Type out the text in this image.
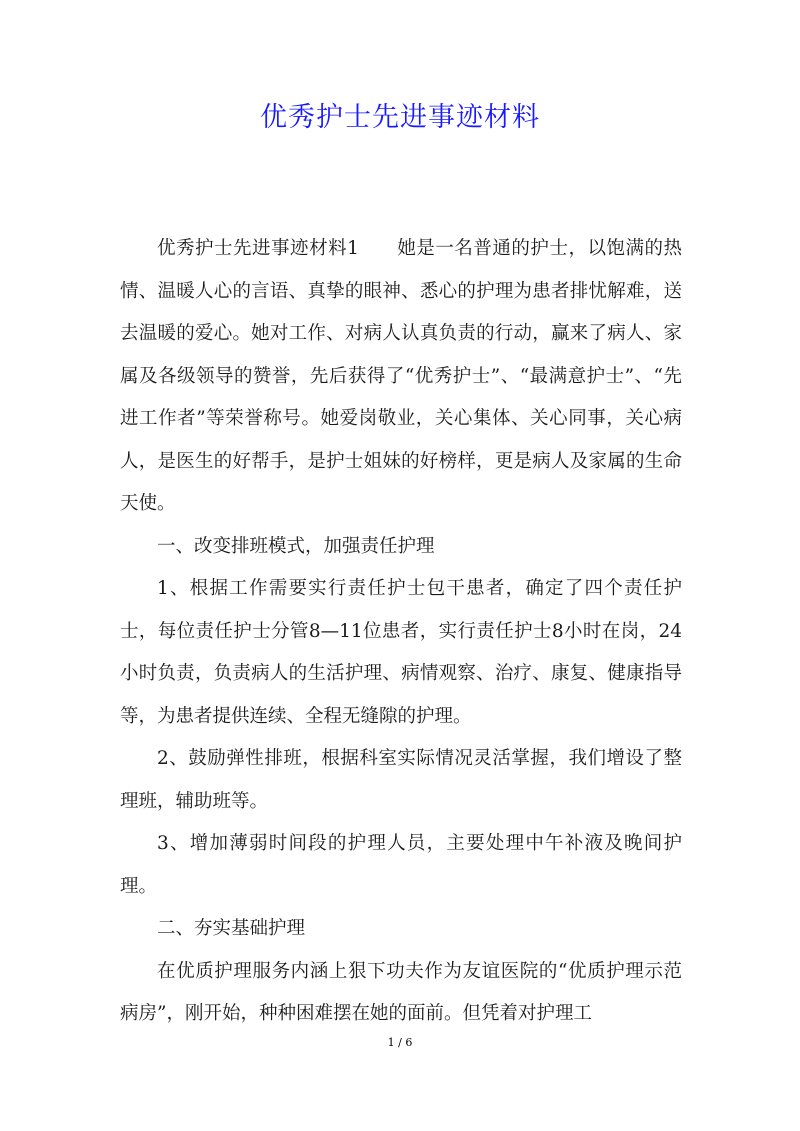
优秀护士先进事迹材料

优秀护士先进事迹材料1　　她是一名普通的护士，以饱满的热情、温暖人心的言语、真挚的眼神、悉心的护理为患者排忧解难，送去温暖的爱心。她对工作、对病人认真负责的行动，赢来了病人、家属及各级领导的赞誉，先后获得了“优秀护士”、“最满意护士”、“先进工作者”等荣誉称号。她爱岗敬业，关心集体、关心同事，关心病人，是医生的好帮手，是护士姐妹的好榜样，更是病人及家属的生命天使。

一、改变排班模式，加强责任护理

1、根据工作需要实行责任护士包干患者，确定了四个责任护士，每位责任护士分管8—11位患者，实行责任护士8小时在岗，24小时负责，负责病人的生活护理、病情观察、治疗、康复、健康指导等，为患者提供连续、全程无缝隙的护理。

2、鼓励弹性排班，根据科室实际情况灵活掌握，我们增设了整理班，辅助班等。

3、增加薄弱时间段的护理人员，主要处理中午补液及晚间护理。

二、夯实基础护理

在优质护理服务内涵上狠下功夫作为友谊医院的“优质护理示范病房”，刚开始，种种困难摆在她的面前。但凭着对护理工

1 / 6
